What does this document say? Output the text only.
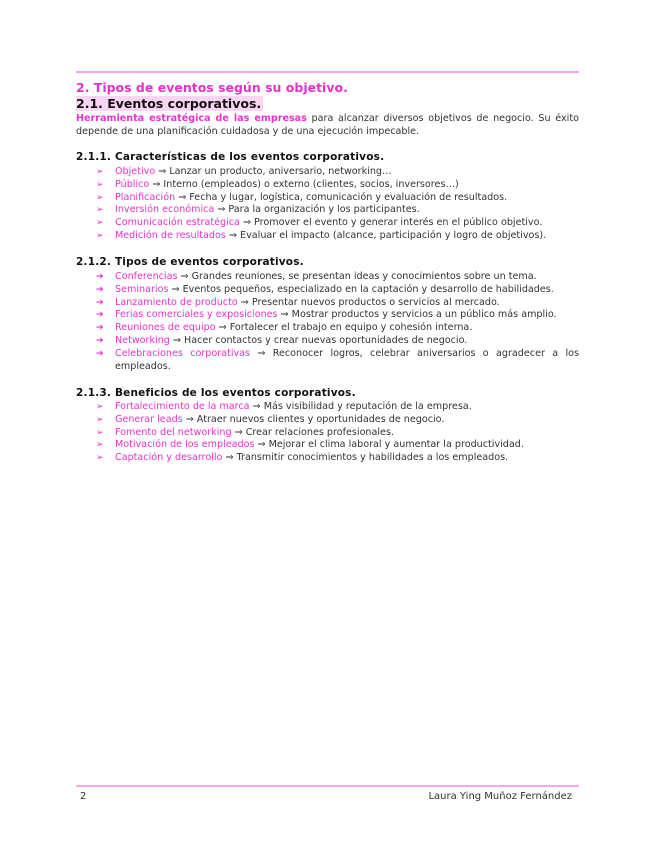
2. Tipos de eventos según su objetivo.
2.1. Eventos corporativos.
Herramienta estratégica de las empresas para alcanzar diversos objetivos de negocio. Su éxito depende de una planificación cuidadosa y de una ejecución impecable.
2.1.1. Características de los eventos corporativos.
➢ Objetivo ⇒ Lanzar un producto, aniversario, networking…
➢ Público ⇒ Interno (empleados) o externo (clientes, socios, inversores…)
➢ Planificación ⇒ Fecha y lugar, logística, comunicación y evaluación de resultados.
➢ Inversión económica ⇒ Para la organización y los participantes.
➢ Comunicación estratégica ⇒ Promover el evento y generar interés en el público objetivo.
➢ Medición de resultados ⇒ Evaluar el impacto (alcance, participación y logro de objetivos).
2.1.2. Tipos de eventos corporativos.
➔ Conferencias ⇒ Grandes reuniones, se presentan ideas y conocimientos sobre un tema.
➔ Seminarios ⇒ Eventos pequeños, especializado en la captación y desarrollo de habilidades.
➔ Lanzamiento de producto ⇒ Presentar nuevos productos o servicios al mercado.
➔ Ferias comerciales y exposiciones ⇒ Mostrar productos y servicios a un público más amplio.
➔ Reuniones de equipo ⇒ Fortalecer el trabajo en equipo y cohesión interna.
➔ Networking ⇒ Hacer contactos y crear nuevas oportunidades de negocio.
➔ Celebraciones corporativas ⇒ Reconocer logros, celebrar aniversarios o agradecer a los empleados.
2.1.3. Beneficios de los eventos corporativos.
➢ Fortalecimiento de la marca ⇒ Más visibilidad y reputación de la empresa.
➢ Generar leads ⇒ Atraer nuevos clientes y oportunidades de negocio.
➢ Fomento del networking ⇒ Crear relaciones profesionales.
➢ Motivación de los empleados ⇒ Mejorar el clima laboral y aumentar la productividad.
➢ Captación y desarrollo ⇒ Transmitir conocimientos y habilidades a los empleados.
2	Laura Ying Muñoz Fernández
